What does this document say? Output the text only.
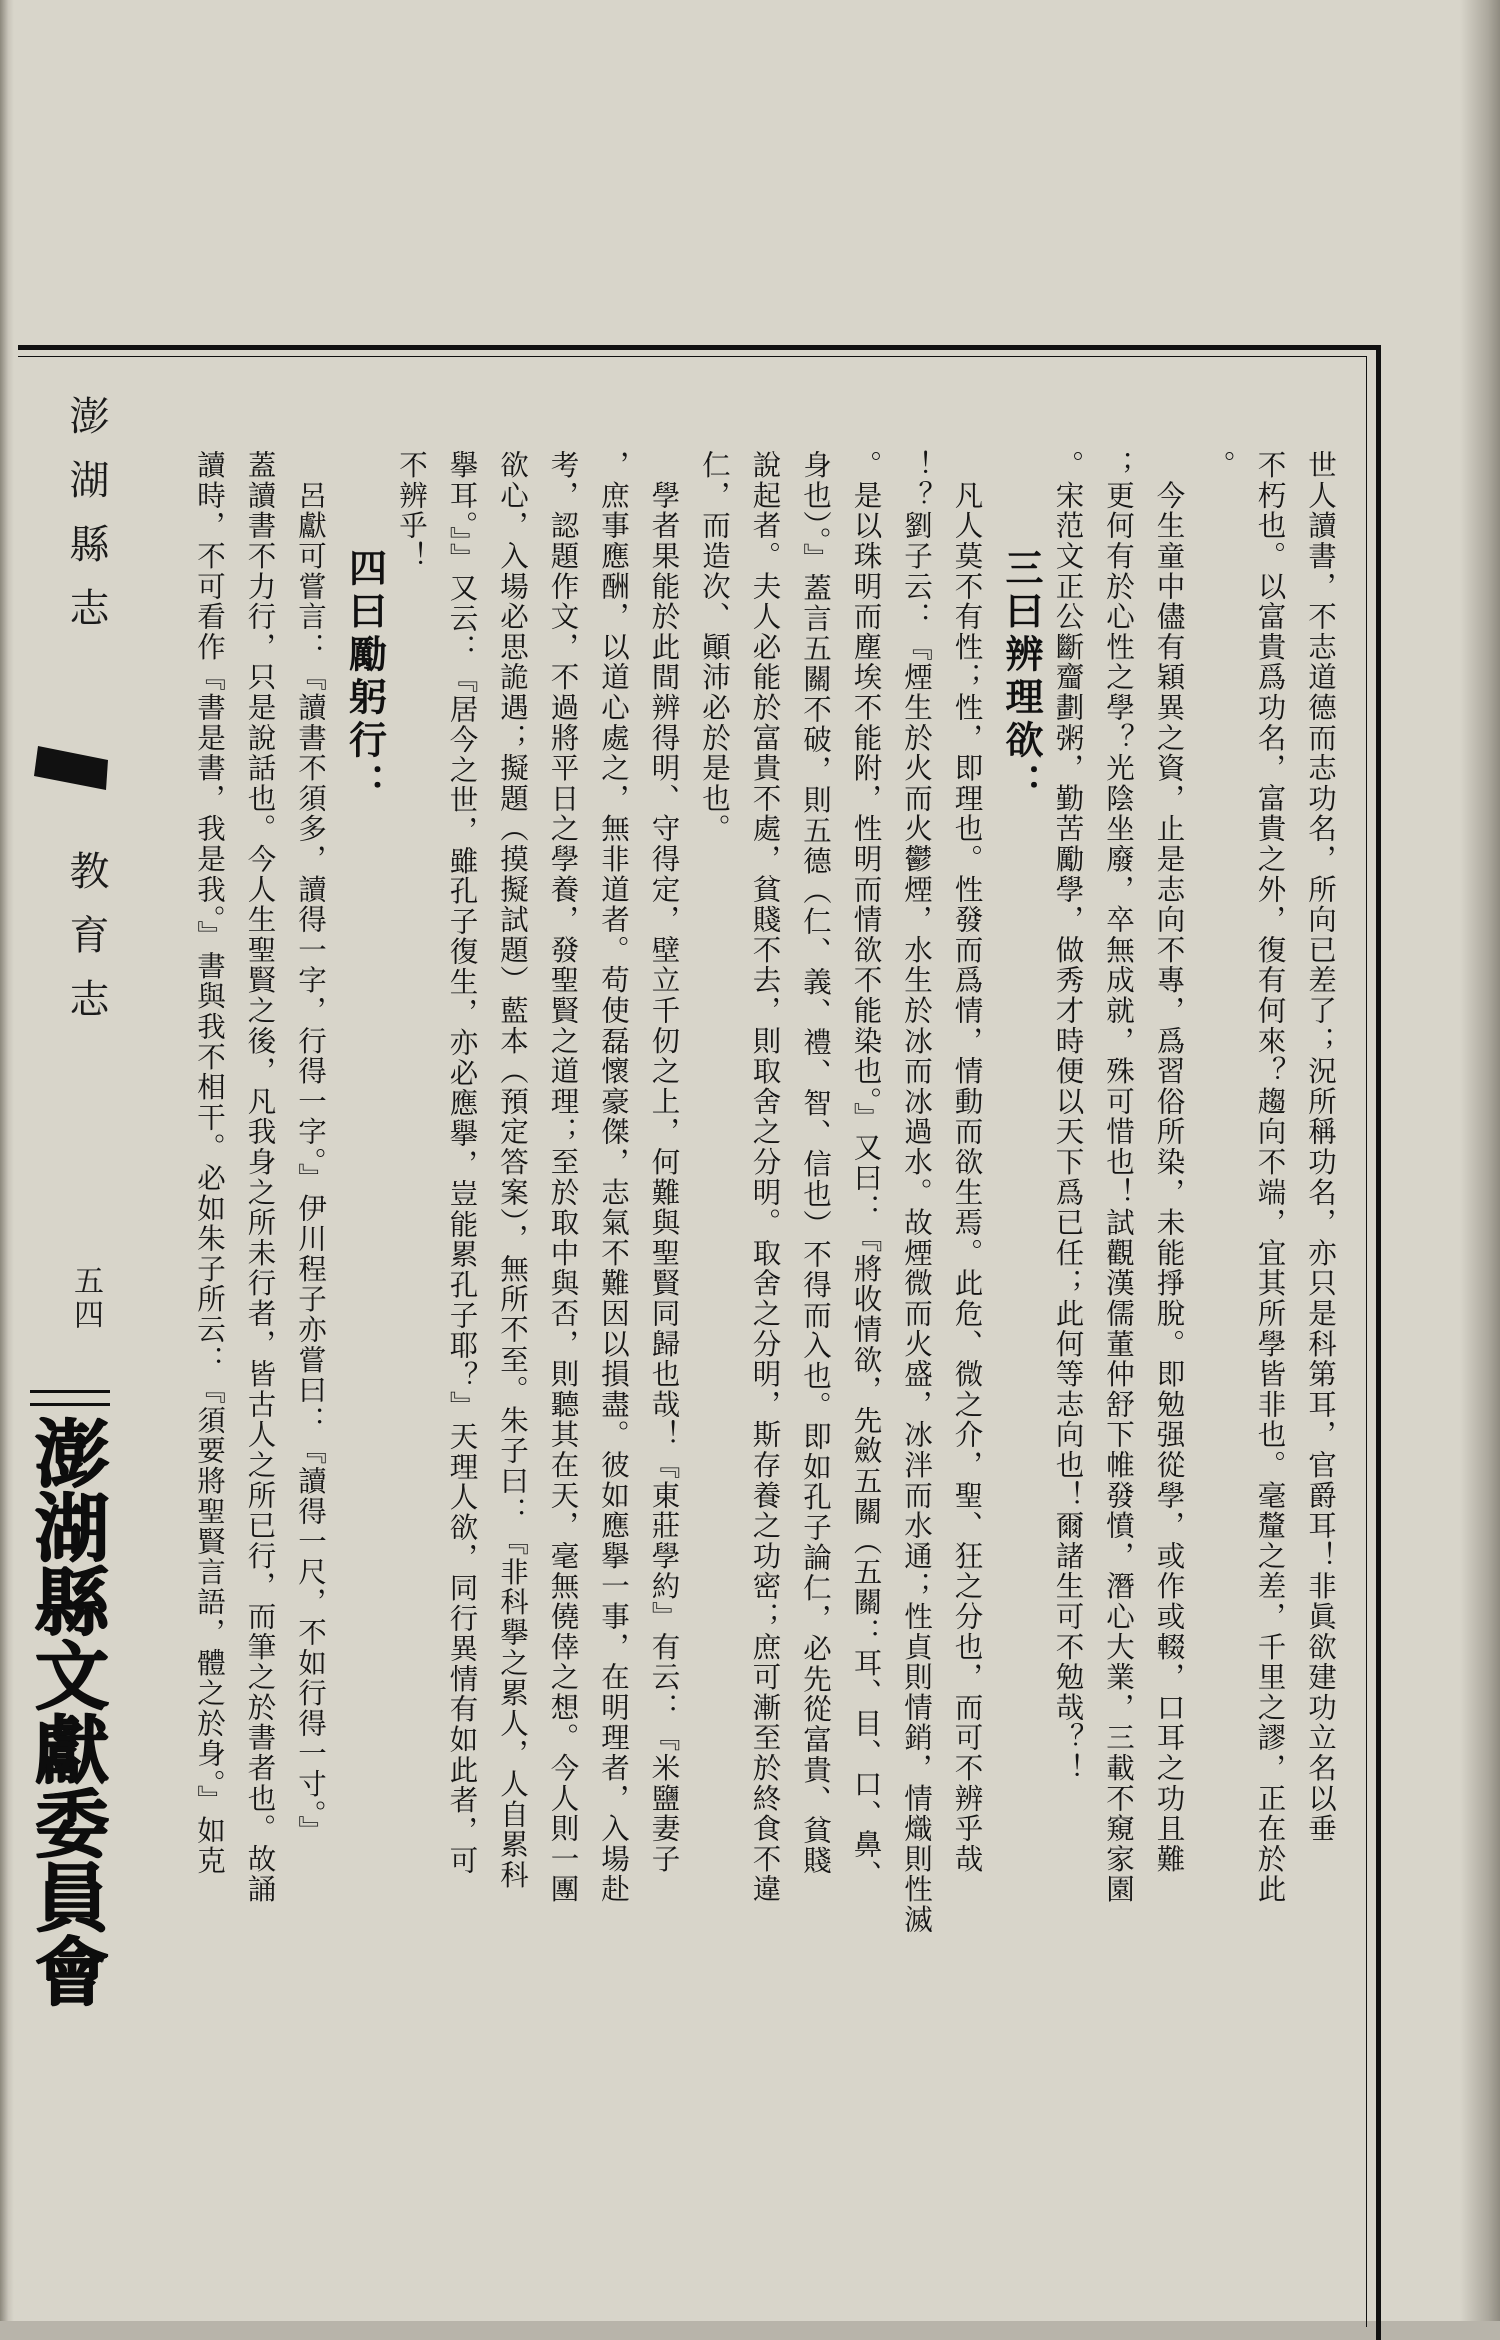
澎湖縣志
教育志
五四
澎湖縣文獻委員會	世人讀書，不志道德而志功名，所向已差了；況所稱功名，亦只是科第耳，官爵耳！非眞欲建功立名以垂
不朽也。以富貴爲功名，富貴之外，復有何來？趨向不端，宜其所學皆非也。毫釐之差，千里之謬，正在於此
。
　今生童中儘有穎異之資，止是志向不專，爲習俗所染，未能掙脫。即勉强從學，或作或輟，口耳之功且難
；更何有於心性之學？光陰坐廢，卒無成就，殊可惜也！試觀漢儒董仲舒下帷發憤，潛心大業，三載不窺家園
。宋范文正公斷齏劃粥，勤苦勵學，做秀才時便以天下爲已任；此何等志向也！爾諸生可不勉哉？！
三曰辨理欲：
　凡人莫不有性；性，即理也。性發而爲情，情動而欲生焉。此危、微之介，聖、狂之分也，而可不辨乎哉
！？劉子云：『煙生於火而火鬱煙，水生於冰而冰過水。故煙微而火盛，冰泮而水通；性貞則情銷，情熾則性滅
。是以珠明而塵埃不能附，性明而情欲不能染也。』又曰：『將收情欲，先斂五關（五關：耳、目、口、鼻、
身也）。』蓋言五關不破，則五德（仁、義、禮、智、信也）不得而入也。即如孔子論仁，必先從富貴、貧賤
說起者。夫人必能於富貴不處，貧賤不去，則取舍之分明。取舍之分明，斯存養之功密；庶可漸至於終食不違
仁，而造次、顚沛必於是也。
　學者果能於此間辨得明、守得定，壁立千仞之上，何難與聖賢同歸也哉！『東莊學約』有云：『米鹽妻子
，庶事應酬，以道心處之，無非道者。苟使磊懷豪傑，志氣不難因以損盡。彼如應擧一事，在明理者，入場赴
考，認題作文，不過將平日之學養，發聖賢之道理；至於取中與否，則聽其在天，毫無僥倖之想。今人則一團
欲心，入場必思詭遇；擬題（摸擬試題）藍本（預定答案），無所不至。朱子曰：『非科擧之累人，人自累科
擧耳。』』又云：『居今之世，雖孔子復生，亦必應擧，豈能累孔子耶？』天理人欲，同行異情有如此者，可
不辨乎！
四曰勵躬行：
　呂獻可嘗言：『讀書不須多，讀得一字，行得一字。』伊川程子亦嘗曰：『讀得一尺，不如行得一寸。』
蓋讀書不力行，只是說話也。今人生聖賢之後，凡我身之所未行者，皆古人之所已行，而筆之於書者也。故誦
讀時，不可看作『書是書，我是我。』書與我不相干。必如朱子所云：『須要將聖賢言語，體之於身。』如克
